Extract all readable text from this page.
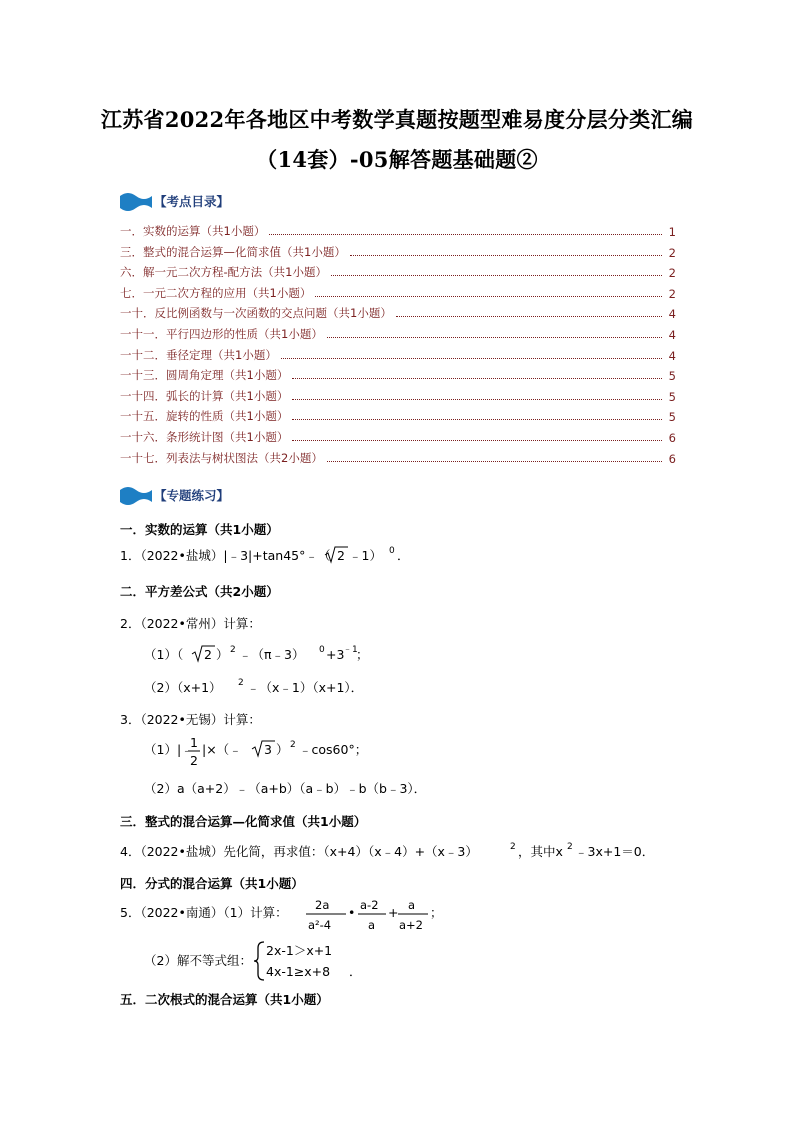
江苏省2022年各地区中考数学真题按题型难易度分层分类汇编
（14套）-05解答题基础题②
【考点目录】
一．实数的运算（共1小题）	1
三．整式的混合运算—化简求值（共1小题）	2
六．解一元二次方程-配方法（共1小题）	2
七．一元二次方程的应用（共1小题）	2
一十．反比例函数与一次函数的交点问题（共1小题）	4
一十一．平行四边形的性质（共1小题）	4
一十二．垂径定理（共1小题）	4
一十三．圆周角定理（共1小题）	5
一十四．弧长的计算（共1小题）	5
一十五．旋转的性质（共1小题）	5
一十六．条形统计图（共1小题）	6
一十七．列表法与树状图法（共2小题）	6
【专题练习】
一．实数的运算（共1小题）
1．（2022•盐城）|﹣3|+tan45°﹣（ 2 ﹣1） 0 ．
二．平方差公式（共2小题）
2．（2022•常州）计算：
（1）（ 2 ） 2 ﹣（π﹣3） 0 +3
﹣1
；
（2）（x+1） 2 ﹣（x﹣1）（x+1）．
3．（2022•无锡）计算：
（1）|﹣
1
2
|×（﹣ 3 ） 2 ﹣cos60°；
（2）a（a+2）﹣（a+b）（a﹣b）﹣b（b﹣3）．
三．整式的混合运算—化简求值（共1小题）
4．（2022•盐城）先化简，再求值：（x+4）（x﹣4）+（x﹣3）	2 ，其中x 2 ﹣3x+1＝0．
四．分式的混合运算（共1小题）
5．（2022•南通）（1）计算： 2a
a²-4
• a-2
a
+ a
a+2
；
（2）解不等式组：
2x-1＞x+1
4x-1≥x+8 ．
五．二次根式的混合运算（共1小题）
